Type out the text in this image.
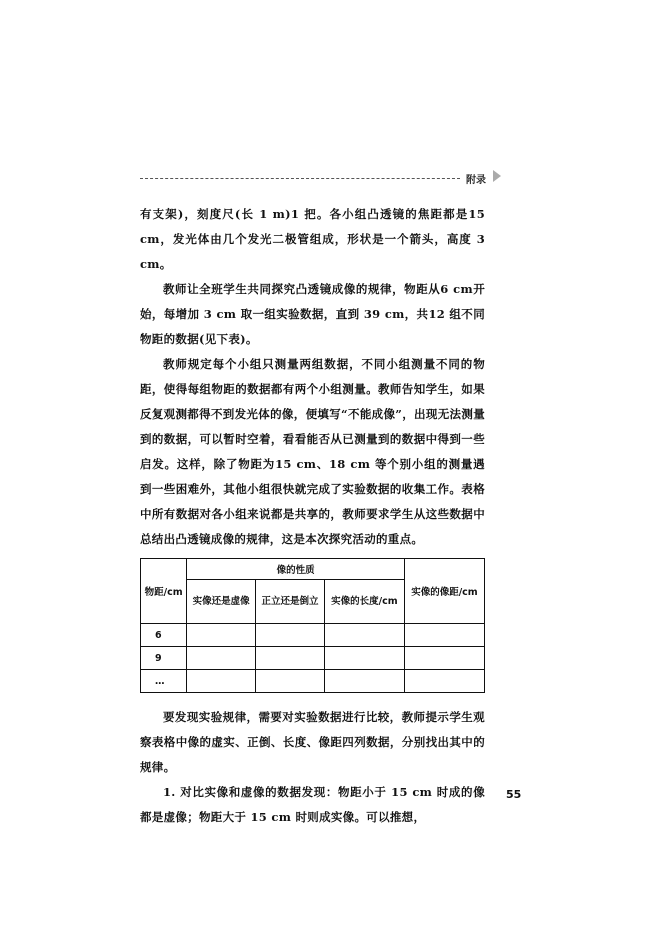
附录

有支架)，刻度尺(长 1 m)1 把。各小组凸透镜的焦距都是15 cm，发光体由几个发光二极管组成，形状是一个箭头，高度 3 cm。

教师让全班学生共同探究凸透镜成像的规律，物距从6 cm开始，每增加 3 cm 取一组实验数据，直到 39 cm，共12 组不同物距的数据(见下表)。

教师规定每个小组只测量两组数据，不同小组测量不同的物距，使得每组物距的数据都有两个小组测量。教师告知学生，如果反复观测都得不到发光体的像，便填写“不能成像”，出现无法测量到的数据，可以暂时空着，看看能否从已测量到的数据中得到一些启发。这样，除了物距为15 cm、18 cm 等个别小组的测量遇到一些困难外，其他小组很快就完成了实验数据的收集工作。表格中所有数据对各小组来说都是共享的，教师要求学生从这些数据中总结出凸透镜成像的规律，这是本次探究活动的重点。

物距/cm	像的性质			实像的像距/cm
	实像还是虚像	正立还是倒立	实像的长度/cm	
6				
9				
…				

要发现实验规律，需要对实验数据进行比较，教师提示学生观察表格中像的虚实、正倒、长度、像距四列数据，分别找出其中的规律。

1. 对比实像和虚像的数据发现：物距小于 15 cm 时成的像都是虚像；物距大于 15 cm 时则成实像。可以推想，

55
